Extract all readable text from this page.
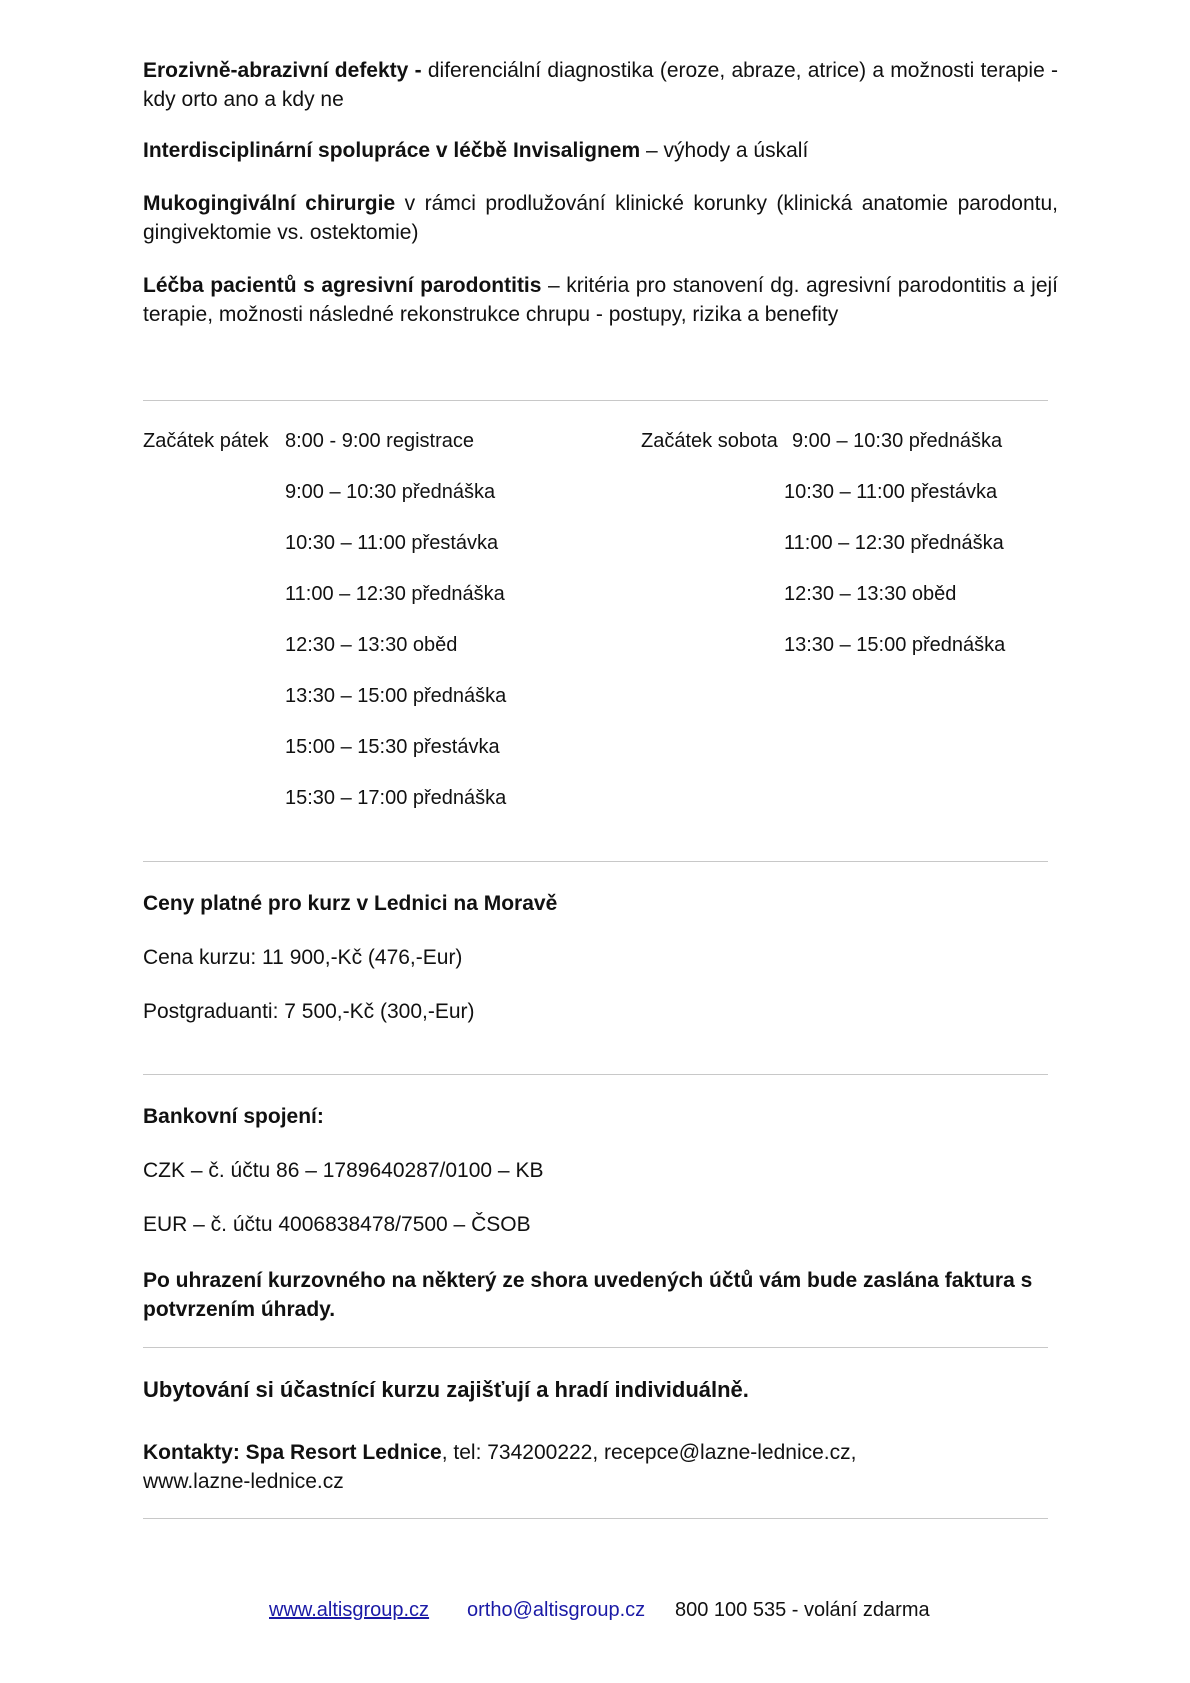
Erozivně-abrazivní defekty - diferenciální diagnostika (eroze, abraze, atrice) a možnosti terapie - kdy orto ano a kdy ne
Interdisciplinární spolupráce v léčbě Invisalignem – výhody a úskalí
Mukogingivální chirurgie v rámci prodlužování klinické korunky (klinická anatomie parodontu, gingivektomie vs. ostektomie)
Léčba pacientů s agresivní parodontitis – kritéria pro stanovení dg. agresivní parodontitis a její terapie, možnosti následné rekonstrukce chrupu - postupy, rizika a benefity
Začátek pátek 8:00 - 9:00 registrace
9:00 – 10:30 přednáška
10:30 – 11:00 přestávka
11:00 – 12:30 přednáška
12:30 – 13:30 oběd
13:30 – 15:00 přednáška
15:00 – 15:30 přestávka
15:30 – 17:00 přednáška
Začátek sobota 9:00 – 10:30 přednáška
10:30 – 11:00 přestávka
11:00 – 12:30 přednáška
12:30 – 13:30 oběd
13:30 – 15:00 přednáška
Ceny platné pro kurz v Lednici na Moravě
Cena kurzu: 11 900,-Kč (476,-Eur)
Postgraduanti: 7 500,-Kč (300,-Eur)
Bankovní spojení:
CZK – č. účtu 86 – 1789640287/0100 – KB
EUR – č. účtu 4006838478/7500 – ČSOB
Po uhrazení kurzovného na některý ze shora uvedených účtů vám bude zaslána faktura s potvrzením úhrady.
Ubytování si účastnící kurzu zajišťují a hradí individuálně.
Kontakty: Spa Resort Lednice, tel: 734200222, recepce@lazne-lednice.cz,
www.lazne-lednice.cz
www.altisgroup.cz ortho@altisgroup.cz 800 100 535 - volání zdarma
